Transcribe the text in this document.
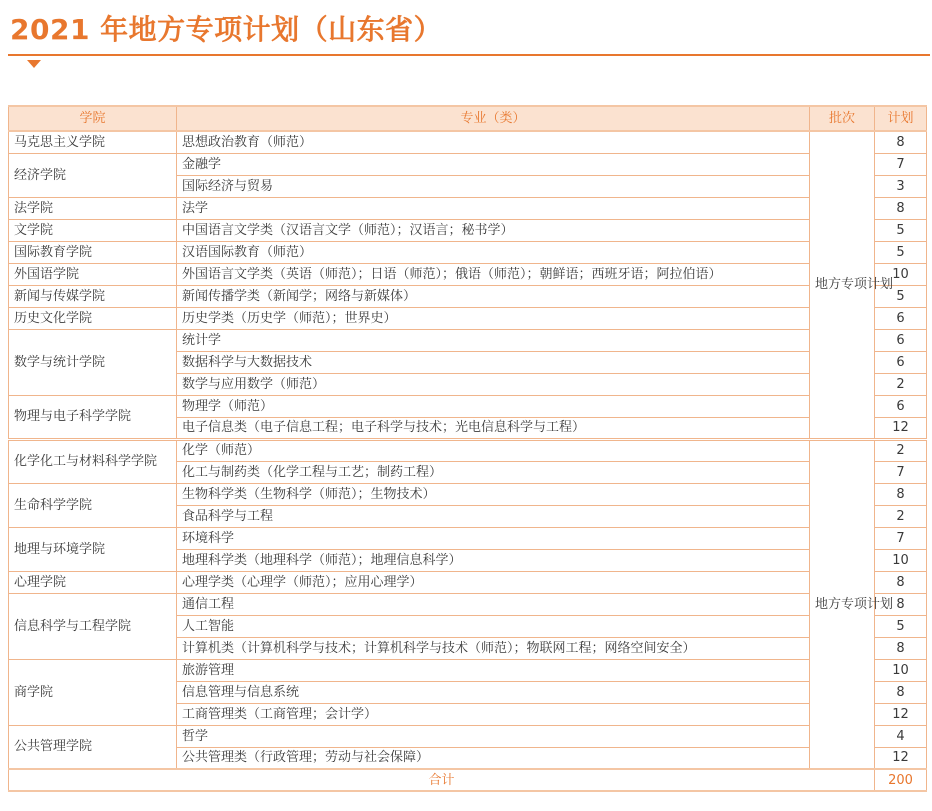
2021 年地方专项计划（山东省）
学院	专业（类）	批次	计划
马克思主义学院	思想政治教育（师范）	地方专项计划	8
经济学院	金融学		7
	国际经济与贸易		3
法学院	法学		8
文学院	中国语言文学类（汉语言文学（师范）；汉语言；秘书学）		5
国际教育学院	汉语国际教育（师范）		5
外国语学院	外国语言文学类（英语（师范）；日语（师范）；俄语（师范）；朝鲜语；西班牙语；阿拉伯语）		10
新闻与传媒学院	新闻传播学类（新闻学；网络与新媒体）		5
历史文化学院	历史学类（历史学（师范）；世界史）		6
数学与统计学院	统计学		6
	数据科学与大数据技术		6
	数学与应用数学（师范）		2
物理与电子科学学院	物理学（师范）		6
	电子信息类（电子信息工程；电子科学与技术；光电信息科学与工程）		12
化学化工与材料科学学院	化学（师范）	地方专项计划	2
	化工与制药类（化学工程与工艺；制药工程）		7
生命科学学院	生物科学类（生物科学（师范）；生物技术）		8
	食品科学与工程		2
地理与环境学院	环境科学		7
	地理科学类（地理科学（师范）；地理信息科学）		10
心理学院	心理学类（心理学（师范）；应用心理学）		8
信息科学与工程学院	通信工程		8
	人工智能		5
	计算机类（计算机科学与技术；计算机科学与技术（师范）；物联网工程；网络空间安全）		8
商学院	旅游管理		10
	信息管理与信息系统		8
	工商管理类（工商管理；会计学）		12
公共管理学院	哲学		4
	公共管理类（行政管理；劳动与社会保障）		12
合计			200
